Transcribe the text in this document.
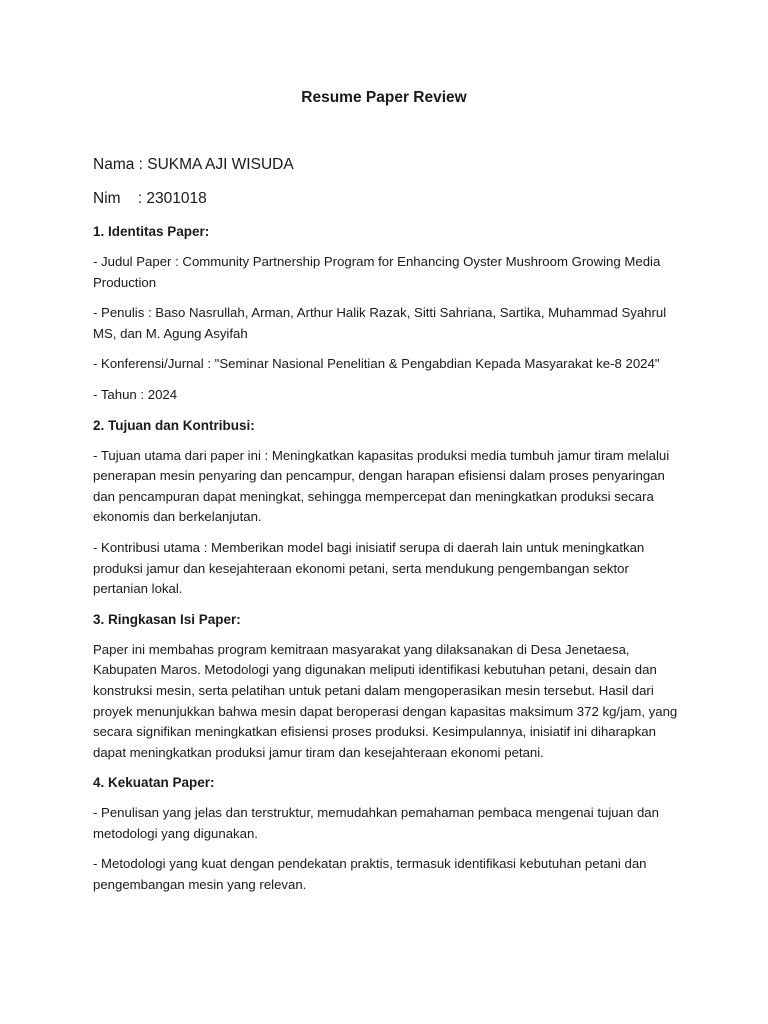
Resume Paper Review

Nama : SUKMA AJI WISUDA

Nim    : 2301018

1. Identitas Paper:

- Judul Paper : Community Partnership Program for Enhancing Oyster Mushroom Growing Media Production

- Penulis : Baso Nasrullah, Arman, Arthur Halik Razak, Sitti Sahriana, Sartika, Muhammad Syahrul MS, dan M. Agung Asyifah

- Konferensi/Jurnal : "Seminar Nasional Penelitian & Pengabdian Kepada Masyarakat ke-8 2024"

- Tahun : 2024

2. Tujuan dan Kontribusi:

- Tujuan utama dari paper ini : Meningkatkan kapasitas produksi media tumbuh jamur tiram melalui penerapan mesin penyaring dan pencampur, dengan harapan efisiensi dalam proses penyaringan dan pencampuran dapat meningkat, sehingga mempercepat dan meningkatkan produksi secara ekonomis dan berkelanjutan.

- Kontribusi utama : Memberikan model bagi inisiatif serupa di daerah lain untuk meningkatkan produksi jamur dan kesejahteraan ekonomi petani, serta mendukung pengembangan sektor pertanian lokal.

3. Ringkasan Isi Paper:

Paper ini membahas program kemitraan masyarakat yang dilaksanakan di Desa Jenetaesa, Kabupaten Maros. Metodologi yang digunakan meliputi identifikasi kebutuhan petani, desain dan konstruksi mesin, serta pelatihan untuk petani dalam mengoperasikan mesin tersebut. Hasil dari proyek menunjukkan bahwa mesin dapat beroperasi dengan kapasitas maksimum 372 kg/jam, yang secara signifikan meningkatkan efisiensi proses produksi. Kesimpulannya, inisiatif ini diharapkan dapat meningkatkan produksi jamur tiram dan kesejahteraan ekonomi petani.

4. Kekuatan Paper:

- Penulisan yang jelas dan terstruktur, memudahkan pemahaman pembaca mengenai tujuan dan metodologi yang digunakan.

- Metodologi yang kuat dengan pendekatan praktis, termasuk identifikasi kebutuhan petani dan pengembangan mesin yang relevan.
